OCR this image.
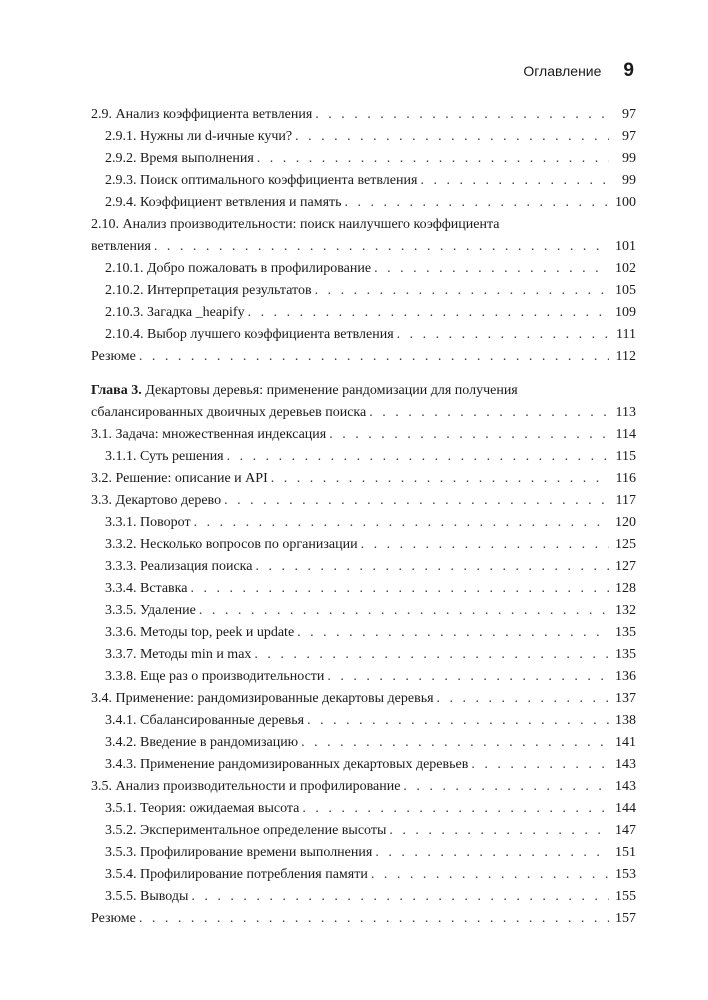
Оглавление 9
2.9. Анализ коэффициента ветвления . . .	97
2.9.1. Нужны ли d-ичные кучи? . . .	97
2.9.2. Время выполнения . . .	99
2.9.3. Поиск оптимального коэффициента ветвления . . .	99
2.9.4. Коэффициент ветвления и память . . .	100
2.10. Анализ производительности: поиск наилучшего коэффициента
ветвления . . .	101
2.10.1. Добро пожаловать в профилирование . . .	102
2.10.2. Интерпретация результатов . . .	105
2.10.3. Загадка _heapify . . .	109
2.10.4. Выбор лучшего коэффициента ветвления . . .	111
Резюме . . .	112
Глава 3. Декартовы деревья: применение рандомизации для получения
сбалансированных двоичных деревьев поиска . . .	113
3.1. Задача: множественная индексация . . .	114
3.1.1. Суть решения . . .	115
3.2. Решение: описание и API . . .	116
3.3. Декартово дерево . . .	117
3.3.1. Поворот . . .	120
3.3.2. Несколько вопросов по организации . . .	125
3.3.3. Реализация поиска . . .	127
3.3.4. Вставка . . .	128
3.3.5. Удаление . . .	132
3.3.6. Методы top, peek и update . . .	135
3.3.7. Методы min и max . . .	135
3.3.8. Еще раз о производительности . . .	136
3.4. Применение: рандомизированные декартовы деревья . . .	137
3.4.1. Сбалансированные деревья . . .	138
3.4.2. Введение в рандомизацию . . .	141
3.4.3. Применение рандомизированных декартовых деревьев . . .	143
3.5. Анализ производительности и профилирование . . .	143
3.5.1. Теория: ожидаемая высота . . .	144
3.5.2. Экспериментальное определение высоты . . .	147
3.5.3. Профилирование времени выполнения . . .	151
3.5.4. Профилирование потребления памяти . . .	153
3.5.5. Выводы . . .	155
Резюме . . .	157
